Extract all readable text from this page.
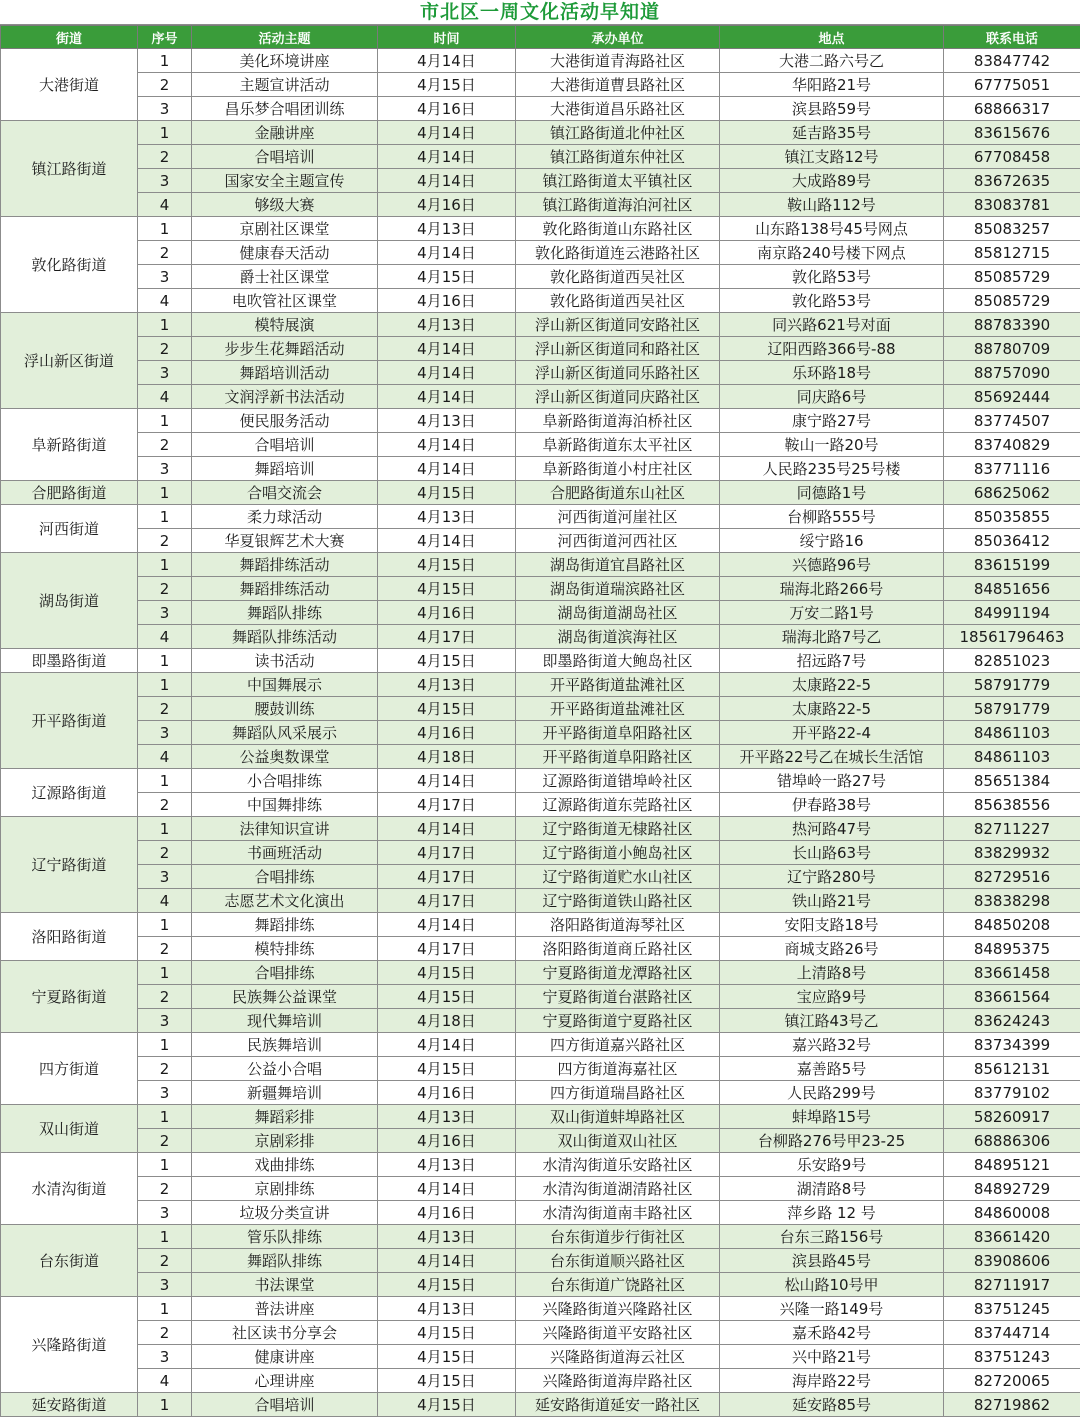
市北区一周文化活动早知道
街道	序号	活动主题	时间	承办单位	地点	联系电话
大港街道	1	美化环境讲座	4月14日	大港街道青海路社区	大港二路六号乙	83847742
	2	主题宣讲活动	4月15日	大港街道曹县路社区	华阳路21号	67775051
	3	昌乐梦合唱团训练	4月16日	大港街道昌乐路社区	滨县路59号	68866317
镇江路街道	1	金融讲座	4月14日	镇江路街道北仲社区	延吉路35号	83615676
	2	合唱培训	4月14日	镇江路街道东仲社区	镇江支路12号	67708458
	3	国家安全主题宣传	4月14日	镇江路街道太平镇社区	大成路89号	83672635
	4	够级大赛	4月16日	镇江路街道海泊河社区	鞍山路112号	83083781
敦化路街道	1	京剧社区课堂	4月13日	敦化路街道山东路社区	山东路138号45号网点	85083257
	2	健康春天活动	4月14日	敦化路街道连云港路社区	南京路240号楼下网点	85812715
	3	爵士社区课堂	4月15日	敦化路街道西吴社区	敦化路53号	85085729
	4	电吹管社区课堂	4月16日	敦化路街道西吴社区	敦化路53号	85085729
浮山新区街道	1	模特展演	4月13日	浮山新区街道同安路社区	同兴路621号对面	88783390
	2	步步生花舞蹈活动	4月14日	浮山新区街道同和路社区	辽阳西路366号-88	88780709
	3	舞蹈培训活动	4月14日	浮山新区街道同乐路社区	乐环路18号	88757090
	4	文润浮新书法活动	4月14日	浮山新区街道同庆路社区	同庆路6号	85692444
阜新路街道	1	便民服务活动	4月13日	阜新路街道海泊桥社区	康宁路27号	83774507
	2	合唱培训	4月14日	阜新路街道东太平社区	鞍山一路20号	83740829
	3	舞蹈培训	4月14日	阜新路街道小村庄社区	人民路235号25号楼	83771116
合肥路街道	1	合唱交流会	4月15日	合肥路街道东山社区	同德路1号	68625062
河西街道	1	柔力球活动	4月13日	河西街道河崖社区	台柳路555号	85035855
	2	华夏银辉艺术大赛	4月14日	河西街道河西社区	绥宁路16	85036412
湖岛街道	1	舞蹈排练活动	4月15日	湖岛街道宜昌路社区	兴德路96号	83615199
	2	舞蹈排练活动	4月15日	湖岛街道瑞滨路社区	瑞海北路266号	84851656
	3	舞蹈队排练	4月16日	湖岛街道湖岛社区	万安二路1号	84991194
	4	舞蹈队排练活动	4月17日	湖岛街道滨海社区	瑞海北路7号乙	18561796463
即墨路街道	1	读书活动	4月15日	即墨路街道大鲍岛社区	招远路7号	82851023
开平路街道	1	中国舞展示	4月13日	开平路街道盐滩社区	太康路22-5	58791779
	2	腰鼓训练	4月15日	开平路街道盐滩社区	太康路22-5	58791779
	3	舞蹈队风采展示	4月16日	开平路街道阜阳路社区	开平路22-4	84861103
	4	公益奥数课堂	4月18日	开平路街道阜阳路社区	开平路22号乙在城长生活馆	84861103
辽源路街道	1	小合唱排练	4月14日	辽源路街道错埠岭社区	错埠岭一路27号	85651384
	2	中国舞排练	4月17日	辽源路街道东莞路社区	伊春路38号	85638556
辽宁路街道	1	法律知识宣讲	4月14日	辽宁路街道无棣路社区	热河路47号	82711227
	2	书画班活动	4月17日	辽宁路街道小鲍岛社区	长山路63号	83829932
	3	合唱排练	4月17日	辽宁路街道贮水山社区	辽宁路280号	82729516
	4	志愿艺术文化演出	4月17日	辽宁路街道铁山路社区	铁山路21号	83838298
洛阳路街道	1	舞蹈排练	4月14日	洛阳路街道海琴社区	安阳支路18号	84850208
	2	模特排练	4月17日	洛阳路街道商丘路社区	商城支路26号	84895375
宁夏路街道	1	合唱排练	4月15日	宁夏路街道龙潭路社区	上清路8号	83661458
	2	民族舞公益课堂	4月15日	宁夏路街道台湛路社区	宝应路9号	83661564
	3	现代舞培训	4月18日	宁夏路街道宁夏路社区	镇江路43号乙	83624243
四方街道	1	民族舞培训	4月14日	四方街道嘉兴路社区	嘉兴路32号	83734399
	2	公益小合唱	4月15日	四方街道海嘉社区	嘉善路5号	85612131
	3	新疆舞培训	4月16日	四方街道瑞昌路社区	人民路299号	83779102
双山街道	1	舞蹈彩排	4月13日	双山街道蚌埠路社区	蚌埠路15号	58260917
	2	京剧彩排	4月16日	双山街道双山社区	台柳路276号甲23-25	68886306
水清沟街道	1	戏曲排练	4月13日	水清沟街道乐安路社区	乐安路9号	84895121
	2	京剧排练	4月14日	水清沟街道湖清路社区	湖清路8号	84892729
	3	垃圾分类宣讲	4月16日	水清沟街道南丰路社区	萍乡路 12 号	84860008
台东街道	1	管乐队排练	4月13日	台东街道步行街社区	台东三路156号	83661420
	2	舞蹈队排练	4月14日	台东街道顺兴路社区	滨县路45号	83908606
	3	书法课堂	4月15日	台东街道广饶路社区	松山路10号甲	82711917
兴隆路街道	1	普法讲座	4月13日	兴隆路街道兴隆路社区	兴隆一路149号	83751245
	2	社区读书分享会	4月15日	兴隆路街道平安路社区	嘉禾路42号	83744714
	3	健康讲座	4月15日	兴隆路街道海云社区	兴中路21号	83751243
	4	心理讲座	4月15日	兴隆路街道海岸路社区	海岸路22号	82720065
延安路街道	1	合唱培训	4月15日	延安路街道延安一路社区	延安路85号	82719862
